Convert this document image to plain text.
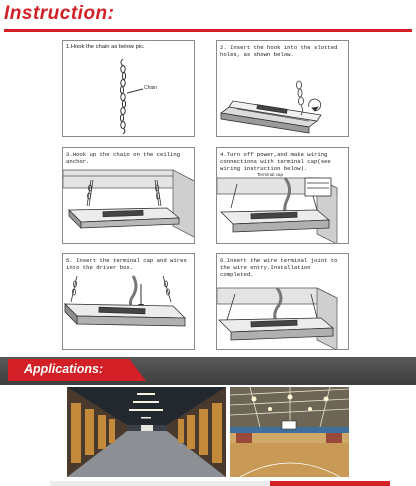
Instruction:
1.Hook the chain as below pic.
Chain
2. Insert the hook into the slotted holes, as shown below.
3.Hook up the chain on the ceiling anchor.
4.Turn off power,and make wiring connections with terminal cap(see wiring instruction below).
Terminal cap
5. Insert the terminal cap and wires into the driver box.
6.Insert the wire terminal joint to the wire entry.Installation completed.
Applications:
